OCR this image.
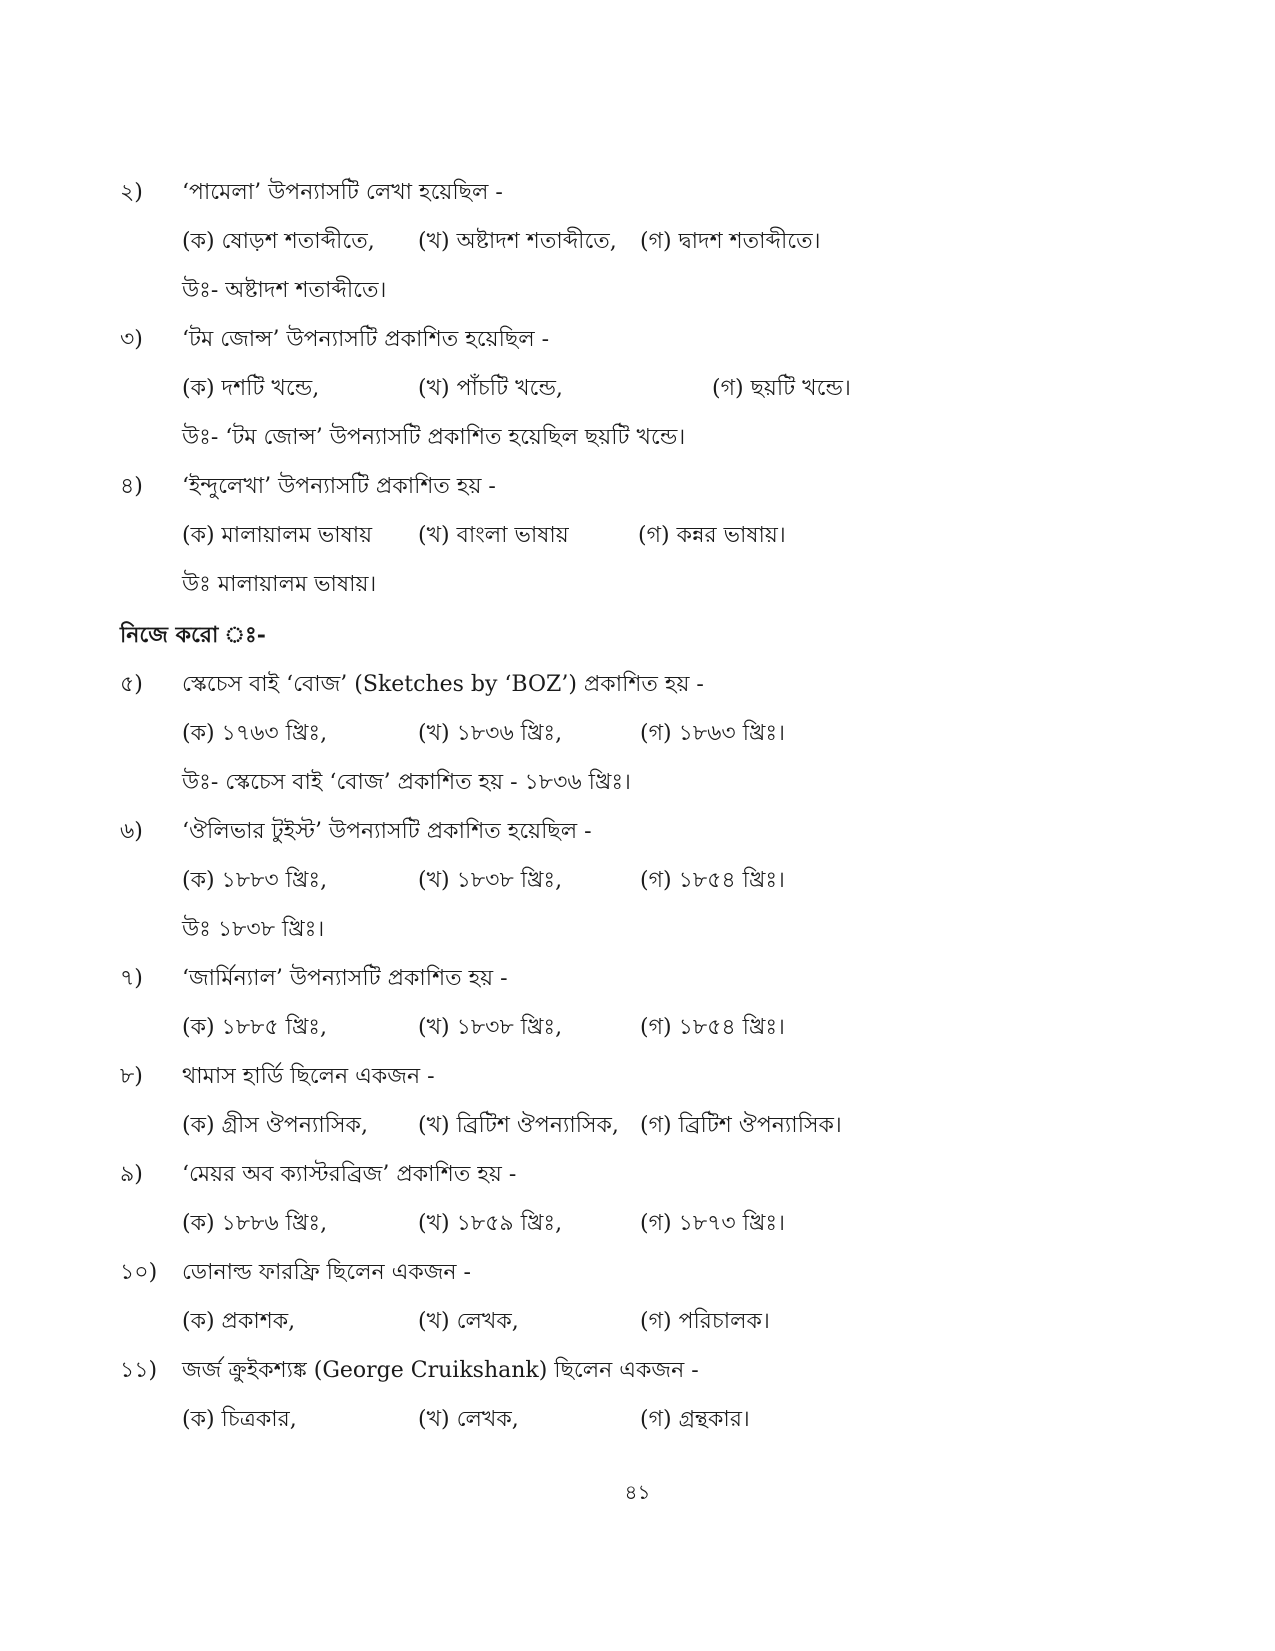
২)	‘পামেলা’ উপন্যাসটি লেখা হয়েছিল -
(ক) ষোড়শ শতাব্দীতে, (খ) অষ্টাদশ শতাব্দীতে, (গ) দ্বাদশ শতাব্দীতে।
উঃ- অষ্টাদশ শতাব্দীতে।
৩)	‘টম জোন্স’ উপন্যাসটি প্রকাশিত হয়েছিল -
(ক) দশটি খন্ডে,	(খ) পাঁচটি খন্ডে,	(গ) ছয়টি খন্ডে।
উঃ- ‘টম জোন্স’ উপন্যাসটি প্রকাশিত হয়েছিল ছয়টি খন্ডে।
৪)	‘ইন্দুলেখা’ উপন্যাসটি প্রকাশিত হয় -
(ক) মালায়ালম ভাষায় (খ) বাংলা ভাষায়	(গ) কন্নর ভাষায়।
উঃ মালায়ালম ভাষায়।
নিজে করো ঃ-
৫)	স্কেচেস বাই ‘বোজ’ (Sketches by ‘BOZ’) প্রকাশিত হয় -
(ক) ১৭৬৩ খ্রিঃ,	(খ) ১৮৩৬ খ্রিঃ,	(গ) ১৮৬৩ খ্রিঃ।
উঃ- স্কেচেস বাই ‘বোজ’ প্রকাশিত হয় - ১৮৩৬ খ্রিঃ।
৬)	‘ঔলিভার টুইস্ট’ উপন্যাসটি প্রকাশিত হয়েছিল -
(ক) ১৮৮৩ খ্রিঃ,	(খ) ১৮৩৮ খ্রিঃ,	(গ) ১৮৫৪ খ্রিঃ।
উঃ ১৮৩৮ খ্রিঃ।
৭)	‘জার্মিন্যাল’ উপন্যাসটি প্রকাশিত হয় -
(ক) ১৮৮৫ খ্রিঃ,	(খ) ১৮৩৮ খ্রিঃ,	(গ) ১৮৫৪ খ্রিঃ।
৮)	থামাস হার্ডি ছিলেন একজন -
(ক) গ্রীস ঔপন্যাসিক, (খ) ব্রিটিশ ঔপন্যাসিক, (গ) ব্রিটিশ ঔপন্যাসিক।
৯)	‘মেয়র অব ক্যাস্টরব্রিজ’ প্রকাশিত হয় -
(ক) ১৮৮৬ খ্রিঃ,	(খ) ১৮৫৯ খ্রিঃ,	(গ) ১৮৭৩ খ্রিঃ।
১০)	ডোনাল্ড ফারফ্রি ছিলেন একজন -
(ক) প্রকাশক,	(খ) লেখক,	(গ) পরিচালক।
১১)	জর্জ ক্রুইকশ্যঙ্ক (George Cruikshank) ছিলেন একজন -
(ক) চিত্রকার,	(খ) লেখক,	(গ) গ্রন্থকার।
৪১
